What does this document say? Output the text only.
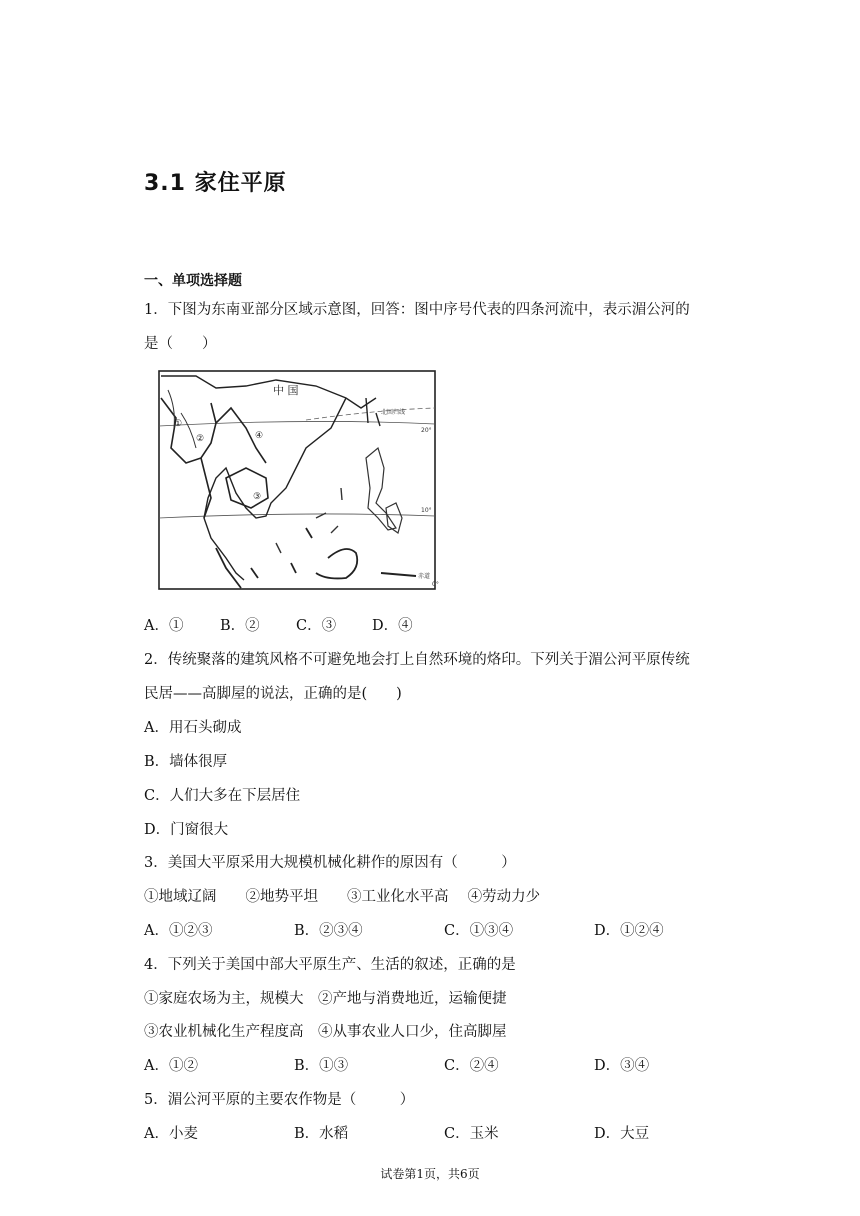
3.1 家住平原
一、单项选择题
1．下图为东南亚部分区域示意图，回答：图中序号代表的四条河流中，表示湄公河的
是（　　）
中 国
北回归线
20°
10°
赤道
0°
①
②
③
④
A．①	B．②	C．③ D．④
2．传统聚落的建筑风格不可避免地会打上自然环境的烙印。下列关于湄公河平原传统
民居——高脚屋的说法，正确的是(　　)
A．用石头砌成
B．墙体很厚
C．人们大多在下层居住
D．门窗很大
3．美国大平原采用大规模机械化耕作的原因有（　　　）
①地域辽阔　　②地势平坦　　③工业化水平高　 ④劳动力少
A．①②③	B．②③④	C．①③④	D．①②④
4．下列关于美国中部大平原生产、生活的叙述，正确的是
①家庭农场为主，规模大　②产地与消费地近，运输便捷
③农业机械化生产程度高　④从事农业人口少，住高脚屋
A．①②	B．①③	C．②④	D．③④
5．湄公河平原的主要农作物是（　　　）
A．小麦	B．水稻	C．玉米	D．大豆
试卷第1页，共6页
